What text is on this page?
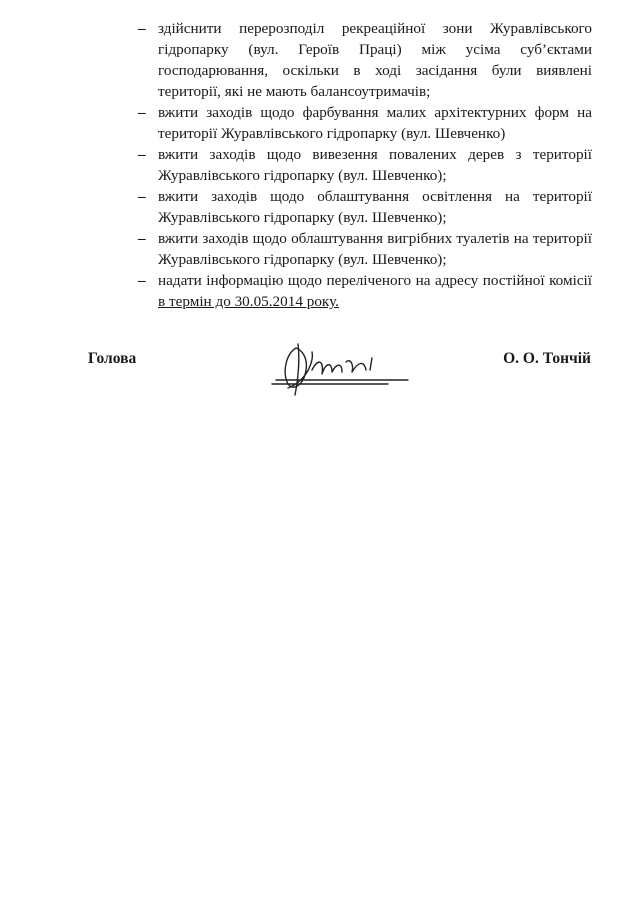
– здійснити перерозподіл рекреаційної зони Журавлівського гідропарку (вул. Героїв Праці) між усіма суб’єктами господарювання, оскільки в ході засідання були виявлені території, які не мають балансоутримачів;
– вжити заходів щодо фарбування малих архітектурних форм на території Журавлівського гідропарку (вул. Шевченко)
– вжити заходів щодо вивезення повалених дерев з території Журавлівського гідропарку (вул. Шевченко);
– вжити заходів щодо облаштування освітлення на території Журавлівського гідропарку (вул. Шевченко);
– вжити заходів щодо облаштування вигрібних туалетів на території Журавлівського гідропарку (вул. Шевченко);
– надати інформацію щодо переліченого на адресу постійної комісії в термін до 30.05.2014 року.
Голова	О. О. Тончій
